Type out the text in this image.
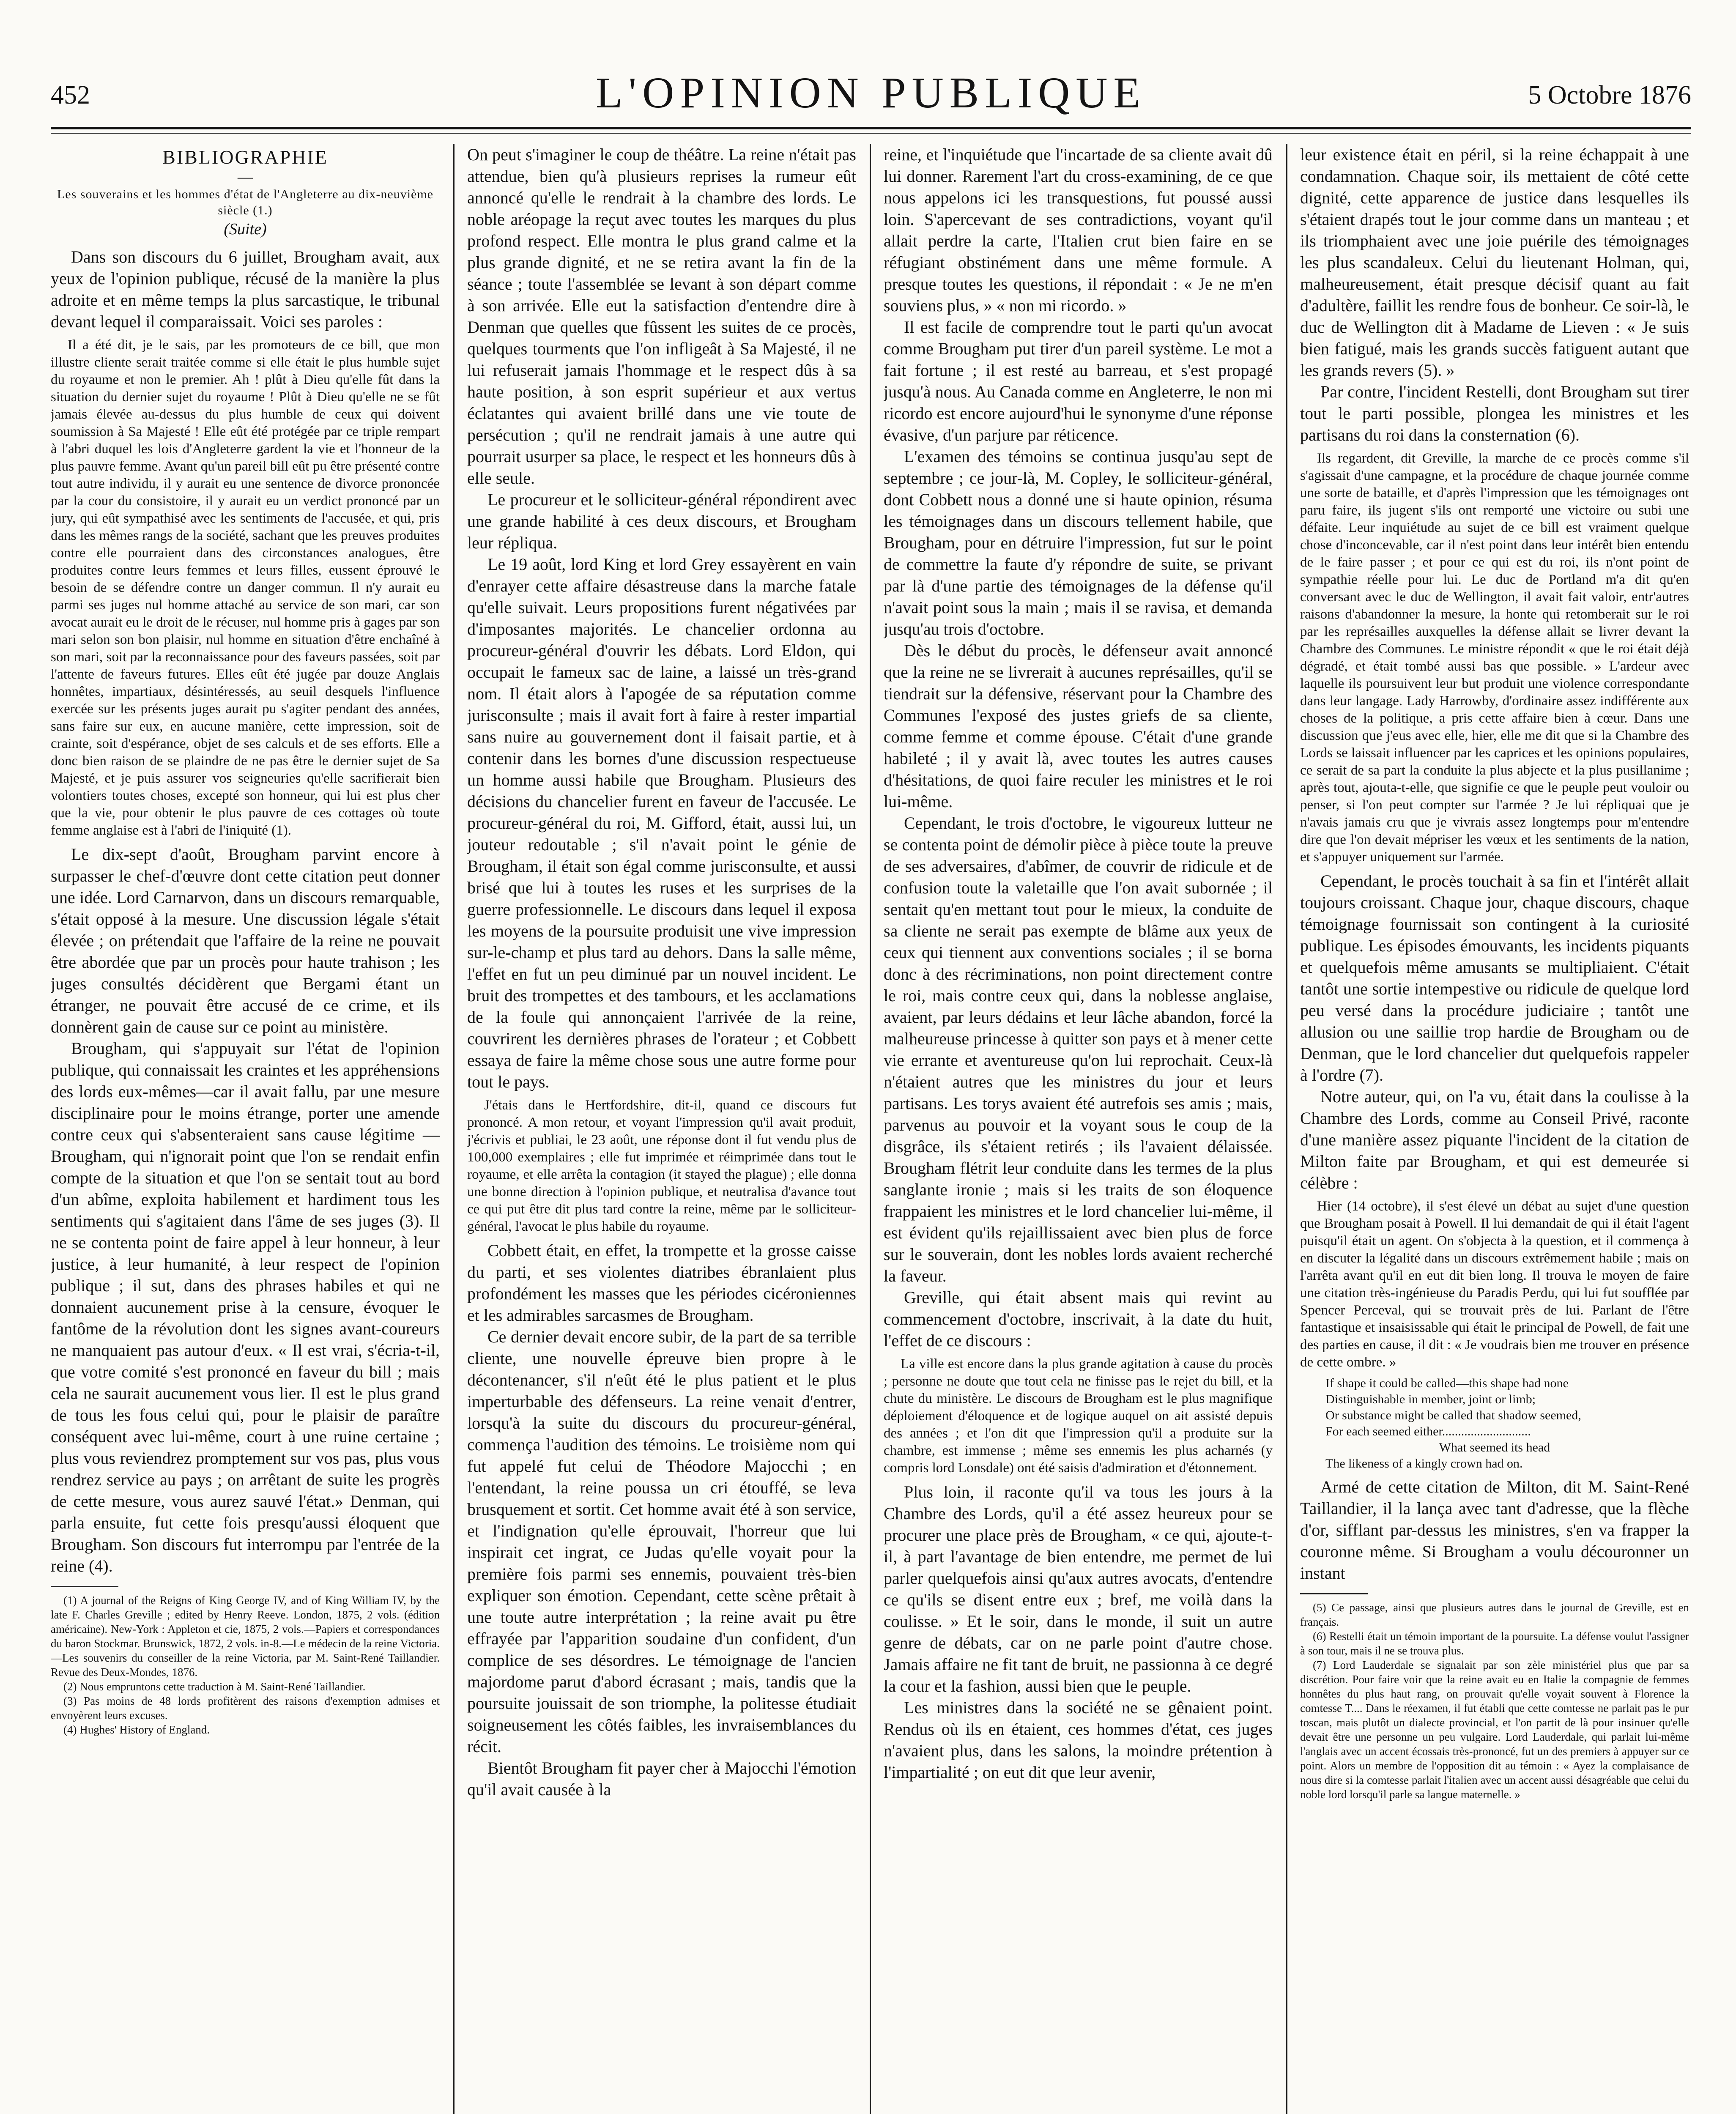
452	L'OPINION PUBLIQUE	5 Octobre 1876
BIBLIOGRAPHIE
—
Les souverains et les hommes d'état de l'Angleterre au dix-neuvième siècle (1.)
(Suite)

Dans son discours du 6 juillet, Brougham avait, aux yeux de l'opinion publique, récusé de la manière la plus adroite et en même temps la plus sarcastique, le tribunal devant lequel il comparaissait. Voici ses paroles :

Il a été dit, je le sais, par les promoteurs de ce bill, que mon illustre cliente serait traitée comme si elle était le plus humble sujet du royaume et non le premier. Ah ! plût à Dieu qu'elle fût dans la situation du dernier sujet du royaume ! Plût à Dieu qu'elle ne se fût jamais élevée au-dessus du plus humble de ceux qui doivent soumission à Sa Majesté ! Elle eût été protégée par ce triple rempart à l'abri duquel les lois d'Angleterre gardent la vie et l'honneur de la plus pauvre femme. Avant qu'un pareil bill eût pu être présenté contre tout autre individu, il y aurait eu une sentence de divorce prononcée par la cour du consistoire, il y aurait eu un verdict prononcé par un jury, qui eût sympathisé avec les sentiments de l'accusée, et qui, pris dans les mêmes rangs de la société, sachant que les preuves produites contre elle pourraient dans des circonstances analogues, être produites contre leurs femmes et leurs filles, eussent éprouvé le besoin de se défendre contre un danger commun. Il n'y aurait eu parmi ses juges nul homme attaché au service de son mari, car son avocat aurait eu le droit de le récuser, nul homme pris à gages par son mari selon son bon plaisir, nul homme en situation d'être enchaîné à son mari, soit par la reconnaissance pour des faveurs passées, soit par l'attente de faveurs futures. Elles eût été jugée par douze Anglais honnêtes, impartiaux, désintéressés, au seuil desquels l'influence exercée sur les présents juges aurait pu s'agiter pendant des années, sans faire sur eux, en aucune manière, cette impression, soit de crainte, soit d'espérance, objet de ses calculs et de ses efforts. Elle a donc bien raison de se plaindre de ne pas être le dernier sujet de Sa Majesté, et je puis assurer vos seigneuries qu'elle sacrifierait bien volontiers toutes choses, excepté son honneur, qui lui est plus cher que la vie, pour obtenir le plus pauvre de ces cottages où toute femme anglaise est à l'abri de l'iniquité (1).

Le dix-sept d'août, Brougham parvint encore à surpasser le chef-d'œuvre dont cette citation peut donner une idée. Lord Carnarvon, dans un discours remarquable, s'était opposé à la mesure. Une discussion légale s'était élevée ; on prétendait que l'affaire de la reine ne pouvait être abordée que par un procès pour haute trahison ; les juges consultés décidèrent que Bergami étant un étranger, ne pouvait être accusé de ce crime, et ils donnèrent gain de cause sur ce point au ministère.

Brougham, qui s'appuyait sur l'état de l'opinion publique, qui connaissait les craintes et les appréhensions des lords eux-mêmes—car il avait fallu, par une mesure disciplinaire pour le moins étrange, porter une amende contre ceux qui s'absenteraient sans cause légitime — Brougham, qui n'ignorait point que l'on se rendait enfin compte de la situation et que l'on se sentait tout au bord d'un abîme, exploita habilement et hardiment tous les sentiments qui s'agitaient dans l'âme de ses juges (3). Il ne se contenta point de faire appel à leur honneur, à leur justice, à leur humanité, à leur respect de l'opinion publique ; il sut, dans des phrases habiles et qui ne donnaient aucunement prise à la censure, évoquer le fantôme de la révolution dont les signes avant-coureurs ne manquaient pas autour d'eux. « Il est vrai, s'écria-t-il, que votre comité s'est prononcé en faveur du bill ; mais cela ne saurait aucunement vous lier. Il est le plus grand de tous les fous celui qui, pour le plaisir de paraître conséquent avec lui-même, court à une ruine certaine ; plus vous reviendrez promptement sur vos pas, plus vous rendrez service au pays ; on arrêtant de suite les progrès de cette mesure, vous aurez sauvé l'état.» Denman, qui parla ensuite, fut cette fois presqu'aussi éloquent que Brougham. Son discours fut interrompu par l'entrée de la reine (4).

(1) A journal of the Reigns of King George IV, and of King William IV, by the late F. Charles Greville ; edited by Henry Reeve. London, 1875, 2 vols. (édition américaine). New-York : Appleton et cie, 1875, 2 vols.—Papiers et correspondances du baron Stockmar. Brunswick, 1872, 2 vols. in-8.—Le médecin de la reine Victoria.—Les souvenirs du conseiller de la reine Victoria, par M. Saint-René Taillandier. Revue des Deux-Mondes, 1876.
(2) Nous empruntons cette traduction à M. Saint-René Taillandier.
(3) Pas moins de 48 lords profitèrent des raisons d'exemption admises et envoyèrent leurs excuses.
(4) Hughes' History of England.

On peut s'imaginer le coup de théâtre. La reine n'était pas attendue, bien qu'à plusieurs reprises la rumeur eût annoncé qu'elle le rendrait à la chambre des lords. Le noble aréopage la reçut avec toutes les marques du plus profond respect. Elle montra le plus grand calme et la plus grande dignité, et ne se retira avant la fin de la séance ; toute l'assemblée se levant à son départ comme à son arrivée. Elle eut la satisfaction d'entendre dire à Denman que quelles que fûssent les suites de ce procès, quelques tourments que l'on infligeât à Sa Majesté, il ne lui refuserait jamais l'hommage et le respect dûs à sa haute position, à son esprit supérieur et aux vertus éclatantes qui avaient brillé dans une vie toute de persécution ; qu'il ne rendrait jamais à une autre qui pourrait usurper sa place, le respect et les honneurs dûs à elle seule.

Le procureur et le solliciteur-général répondirent avec une grande habilité à ces deux discours, et Brougham leur répliqua.

Le 19 août, lord King et lord Grey essayèrent en vain d'enrayer cette affaire désastreuse dans la marche fatale qu'elle suivait. Leurs propositions furent négativées par d'imposantes majorités. Le chancelier ordonna au procureur-général d'ouvrir les débats. Lord Eldon, qui occupait le fameux sac de laine, a laissé un très-grand nom. Il était alors à l'apogée de sa réputation comme jurisconsulte ; mais il avait fort à faire à rester impartial sans nuire au gouvernement dont il faisait partie, et à contenir dans les bornes d'une discussion respectueuse un homme aussi habile que Brougham. Plusieurs des décisions du chancelier furent en faveur de l'accusée. Le procureur-général du roi, M. Gifford, était, aussi lui, un jouteur redoutable ; s'il n'avait point le génie de Brougham, il était son égal comme jurisconsulte, et aussi brisé que lui à toutes les ruses et les surprises de la guerre professionnelle. Le discours dans lequel il exposa les moyens de la poursuite produisit une vive impression sur-le-champ et plus tard au dehors. Dans la salle même, l'effet en fut un peu diminué par un nouvel incident. Le bruit des trompettes et des tambours, et les acclamations de la foule qui annonçaient l'arrivée de la reine, couvrirent les dernières phrases de l'orateur ; et Cobbett essaya de faire la même chose sous une autre forme pour tout le pays.

J'étais dans le Hertfordshire, dit-il, quand ce discours fut prononcé. A mon retour, et voyant l'impression qu'il avait produit, j'écrivis et publiai, le 23 août, une réponse dont il fut vendu plus de 100,000 exemplaires ; elle fut imprimée et réimprimée dans tout le royaume, et elle arrêta la contagion (it stayed the plague) ; elle donna une bonne direction à l'opinion publique, et neutralisa d'avance tout ce qui put être dit plus tard contre la reine, même par le solliciteur-général, l'avocat le plus habile du royaume.

Cobbett était, en effet, la trompette et la grosse caisse du parti, et ses violentes diatribes ébranlaient plus profondément les masses que les périodes cicéroniennes et les admirables sarcasmes de Brougham.

Ce dernier devait encore subir, de la part de sa terrible cliente, une nouvelle épreuve bien propre à le décontenancer, s'il n'eût été le plus patient et le plus imperturbable des défenseurs. La reine venait d'entrer, lorsqu'à la suite du discours du procureur-général, commença l'audition des témoins. Le troisième nom qui fut appelé fut celui de Théodore Majocchi ; en l'entendant, la reine poussa un cri étouffé, se leva brusquement et sortit. Cet homme avait été à son service, et l'indignation qu'elle éprouvait, l'horreur que lui inspirait cet ingrat, ce Judas qu'elle voyait pour la première fois parmi ses ennemis, pouvaient très-bien expliquer son émotion. Cependant, cette scène prêtait à une toute autre interprétation ; la reine avait pu être effrayée par l'apparition soudaine d'un confident, d'un complice de ses désordres. Le témoignage de l'ancien majordome parut d'abord écrasant ; mais, tandis que la poursuite jouissait de son triomphe, la politesse étudiait soigneusement les côtés faibles, les invraisemblances du récit.

Bientôt Brougham fit payer cher à Majocchi l'émotion qu'il avait causée à la

reine, et l'inquiétude que l'incartade de sa cliente avait dû lui donner. Rarement l'art du cross-examining, de ce que nous appelons ici les transquestions, fut poussé aussi loin. S'apercevant de ses contradictions, voyant qu'il allait perdre la carte, l'Italien crut bien faire en se réfugiant obstinément dans une même formule. A presque toutes les questions, il répondait : « Je ne m'en souviens plus, » « non mi ricordo. »

Il est facile de comprendre tout le parti qu'un avocat comme Brougham put tirer d'un pareil système. Le mot a fait fortune ; il est resté au barreau, et s'est propagé jusqu'à nous. Au Canada comme en Angleterre, le non mi ricordo est encore aujourd'hui le synonyme d'une réponse évasive, d'un parjure par réticence.

L'examen des témoins se continua jusqu'au sept de septembre ; ce jour-là, M. Copley, le solliciteur-général, dont Cobbett nous a donné une si haute opinion, résuma les témoignages dans un discours tellement habile, que Brougham, pour en détruire l'impression, fut sur le point de commettre la faute d'y répondre de suite, se privant par là d'une partie des témoignages de la défense qu'il n'avait point sous la main ; mais il se ravisa, et demanda jusqu'au trois d'octobre.

Dès le début du procès, le défenseur avait annoncé que la reine ne se livrerait à aucunes représailles, qu'il se tiendrait sur la défensive, réservant pour la Chambre des Communes l'exposé des justes griefs de sa cliente, comme femme et comme épouse. C'était d'une grande habileté ; il y avait là, avec toutes les autres causes d'hésitations, de quoi faire reculer les ministres et le roi lui-même.

Cependant, le trois d'octobre, le vigoureux lutteur ne se contenta point de démolir pièce à pièce toute la preuve de ses adversaires, d'abîmer, de couvrir de ridicule et de confusion toute la valetaille que l'on avait subornée ; il sentait qu'en mettant tout pour le mieux, la conduite de sa cliente ne serait pas exempte de blâme aux yeux de ceux qui tiennent aux conventions sociales ; il se borna donc à des récriminations, non point directement contre le roi, mais contre ceux qui, dans la noblesse anglaise, avaient, par leurs dédains et leur lâche abandon, forcé la malheureuse princesse à quitter son pays et à mener cette vie errante et aventureuse qu'on lui reprochait. Ceux-là n'étaient autres que les ministres du jour et leurs partisans. Les torys avaient été autrefois ses amis ; mais, parvenus au pouvoir et la voyant sous le coup de la disgrâce, ils s'étaient retirés ; ils l'avaient délaissée. Brougham flétrit leur conduite dans les termes de la plus sanglante ironie ; mais si les traits de son éloquence frappaient les ministres et le lord chancelier lui-même, il est évident qu'ils rejaillissaient avec bien plus de force sur le souverain, dont les nobles lords avaient recherché la faveur.

Greville, qui était absent mais qui revint au commencement d'octobre, inscrivait, à la date du huit, l'effet de ce discours :

La ville est encore dans la plus grande agitation à cause du procès ; personne ne doute que tout cela ne finisse pas le rejet du bill, et la chute du ministère. Le discours de Brougham est le plus magnifique déploiement d'éloquence et de logique auquel on ait assisté depuis des années ; et l'on dit que l'impression qu'il a produite sur la chambre, est immense ; même ses ennemis les plus acharnés (y compris lord Lonsdale) ont été saisis d'admiration et d'étonnement.

Plus loin, il raconte qu'il va tous les jours à la Chambre des Lords, qu'il a été assez heureux pour se procurer une place près de Brougham, « ce qui, ajoute-t-il, à part l'avantage de bien entendre, me permet de lui parler quelquefois ainsi qu'aux autres avocats, d'entendre ce qu'ils se disent entre eux ; bref, me voilà dans la coulisse. » Et le soir, dans le monde, il suit un autre genre de débats, car on ne parle point d'autre chose. Jamais affaire ne fit tant de bruit, ne passionna à ce degré la cour et la fashion, aussi bien que le peuple.

Les ministres dans la société ne se gênaient point. Rendus où ils en étaient, ces hommes d'état, ces juges n'avaient plus, dans les salons, la moindre prétention à l'impartialité ; on eut dit que leur avenir,

leur existence était en péril, si la reine échappait à une condamnation. Chaque soir, ils mettaient de côté cette dignité, cette apparence de justice dans lesquelles ils s'étaient drapés tout le jour comme dans un manteau ; et ils triomphaient avec une joie puérile des témoignages les plus scandaleux. Celui du lieutenant Holman, qui, malheureusement, était presque décisif quant au fait d'adultère, faillit les rendre fous de bonheur. Ce soir-là, le duc de Wellington dit à Madame de Lieven : « Je suis bien fatigué, mais les grands succès fatiguent autant que les grands revers (5). »

Par contre, l'incident Restelli, dont Brougham sut tirer tout le parti possible, plongea les ministres et les partisans du roi dans la consternation (6).

Ils regardent, dit Greville, la marche de ce procès comme s'il s'agissait d'une campagne, et la procédure de chaque journée comme une sorte de bataille, et d'après l'impression que les témoignages ont paru faire, ils jugent s'ils ont remporté une victoire ou subi une défaite. Leur inquiétude au sujet de ce bill est vraiment quelque chose d'inconcevable, car il n'est point dans leur intérêt bien entendu de le faire passer ; et pour ce qui est du roi, ils n'ont point de sympathie réelle pour lui. Le duc de Portland m'a dit qu'en conversant avec le duc de Wellington, il avait fait valoir, entr'autres raisons d'abandonner la mesure, la honte qui retomberait sur le roi par les représailles auxquelles la défense allait se livrer devant la Chambre des Communes. Le ministre répondit « que le roi était déjà dégradé, et était tombé aussi bas que possible. » L'ardeur avec laquelle ils poursuivent leur but produit une violence correspondante dans leur langage. Lady Harrowby, d'ordinaire assez indifférente aux choses de la politique, a pris cette affaire bien à cœur. Dans une discussion que j'eus avec elle, hier, elle me dit que si la Chambre des Lords se laissait influencer par les caprices et les opinions populaires, ce serait de sa part la conduite la plus abjecte et la plus pusillanime ; après tout, ajouta-t-elle, que signifie ce que le peuple peut vouloir ou penser, si l'on peut compter sur l'armée ? Je lui répliquai que je n'avais jamais cru que je vivrais assez longtemps pour m'entendre dire que l'on devait mépriser les vœux et les sentiments de la nation, et s'appuyer uniquement sur l'armée.

Cependant, le procès touchait à sa fin et l'intérêt allait toujours croissant. Chaque jour, chaque discours, chaque témoignage fournissait son contingent à la curiosité publique. Les épisodes émouvants, les incidents piquants et quelquefois même amusants se multipliaient. C'était tantôt une sortie intempestive ou ridicule de quelque lord peu versé dans la procédure judiciaire ; tantôt une allusion ou une saillie trop hardie de Brougham ou de Denman, que le lord chancelier dut quelquefois rappeler à l'ordre (7).

Notre auteur, qui, on l'a vu, était dans la coulisse à la Chambre des Lords, comme au Conseil Privé, raconte d'une manière assez piquante l'incident de la citation de Milton faite par Brougham, et qui est demeurée si célèbre :

Hier (14 octobre), il s'est élevé un débat au sujet d'une question que Brougham posait à Powell. Il lui demandait de qui il était l'agent puisqu'il était un agent. On s'objecta à la question, et il commença à en discuter la légalité dans un discours extrêmement habile ; mais on l'arrêta avant qu'il en eut dit bien long. Il trouva le moyen de faire une citation très-ingénieuse du Paradis Perdu, qui lui fut soufflée par Spencer Perceval, qui se trouvait près de lui. Parlant de l'être fantastique et insaisissable qui était le principal de Powell, de fait une des parties en cause, il dit : « Je voudrais bien me trouver en présence de cette ombre. »

If shape it could be called—this shape had none
Distinguishable in member, joint or limb;
Or substance might be called that shadow seemed,
For each seemed either............................
What seemed its head
The likeness of a kingly crown had on.

Armé de cette citation de Milton, dit M. Saint-René Taillandier, il la lança avec tant d'adresse, que la flèche d'or, sifflant par-dessus les ministres, s'en va frapper la couronne même. Si Brougham a voulu découronner un instant

(5) Ce passage, ainsi que plusieurs autres dans le journal de Greville, est en français.
(6) Restelli était un témoin important de la poursuite. La défense voulut l'assigner à son tour, mais il ne se trouva plus.
(7) Lord Lauderdale se signalait par son zèle ministériel plus que par sa discrétion. Pour faire voir que la reine avait eu en Italie la compagnie de femmes honnêtes du plus haut rang, on prouvait qu'elle voyait souvent à Florence la comtesse T.... Dans le réexamen, il fut établi que cette comtesse ne parlait pas le pur toscan, mais plutôt un dialecte provincial, et l'on partit de là pour insinuer qu'elle devait être une personne un peu vulgaire. Lord Lauderdale, qui parlait lui-même l'anglais avec un accent écossais très-prononcé, fut un des premiers à appuyer sur ce point. Alors un membre de l'opposition dit au témoin : « Ayez la complaisance de nous dire si la comtesse parlait l'italien avec un accent aussi désagréable que celui du noble lord lorsqu'il parle sa langue maternelle. »
